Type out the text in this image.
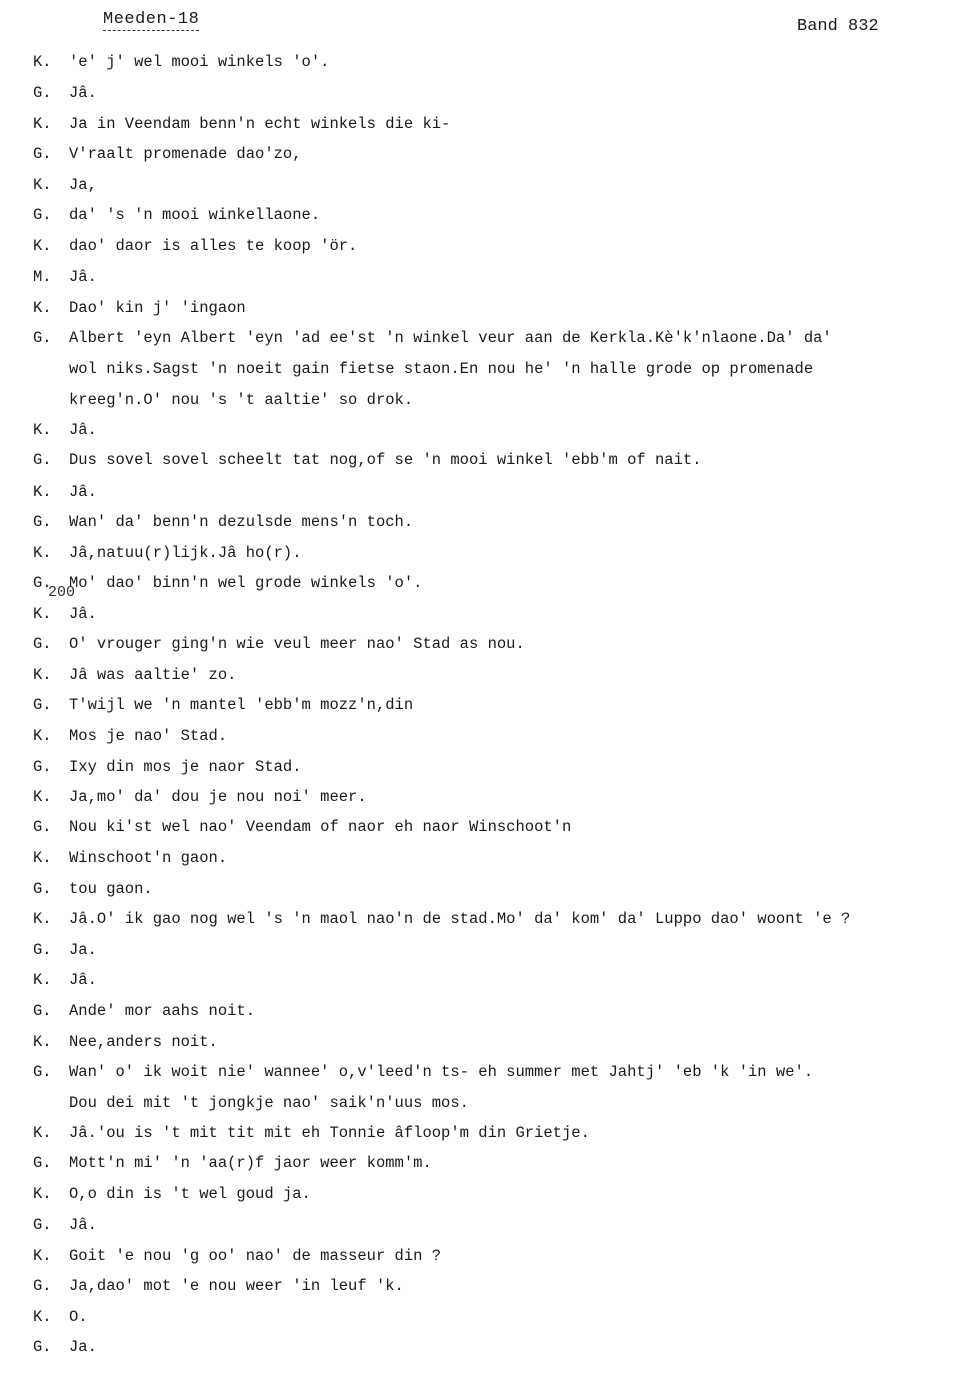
Meeden-18	Band 832
200
K.	'e' j' wel mooi winkels 'o'.
G.	Jâ.
K.	Ja in Veendam benn'n echt winkels die ki-
G.	V'raalt promenade dao'zo,
K.	Ja,
G.	da' 's 'n mooi winkellaone.
K.	dao' daor is alles te koop 'ör.
M.	Jâ.
K.	Dao' kin j' 'ingaon
G.	Albert 'eyn Albert 'eyn 'ad ee'st 'n winkel veur aan de Kerkla.Kè'k'nlaone.Da' da'
wol niks.Sagst 'n noeit gain fietse staon.En nou he' 'n halle grode op promenade
kreeg'n.O' nou 's 't aaltie' so drok.
K.	Jâ.
G.	Dus sovel sovel scheelt tat nog,of se 'n mooi winkel 'ebb'm of nait.
K.	Jâ.
G.	Wan' da' benn'n dezulsde mens'n toch.
K.	Jâ,natuu(r)lijk.Jâ ho(r).
G.	Mo' dao' binn'n wel grode winkels 'o'.
K.	Jâ.
G.	O' vrouger ging'n wie veul meer nao' Stad as nou.
K.	Jâ was aaltie' zo.
G.	T'wijl we 'n mantel 'ebb'm mozz'n,din
K.	Mos je nao' Stad.
G.	Ixy din mos je naor Stad.
K.	Ja,mo' da' dou je nou noi' meer.
G.	Nou ki'st wel nao' Veendam of naor eh naor Winschoot'n
K.	Winschoot'n gaon.
G.	tou gaon.
K.	Jâ.O' ik gao nog wel 's 'n maol nao'n de stad.Mo' da' kom' da' Luppo dao' woont 'e ?
G.	Ja.
K.	Jâ.
G.	Ande' mor aahs noit.
K.	Nee,anders noit.
G.	Wan' o' ik woit nie' wannee' o,v'leed'n ts- eh summer met Jahtj' 'eb 'k 'in we'.
Dou dei mit 't jongkje nao' saik'n'uus mos.
K.	Jâ.'ou is 't mit tit mit eh Tonnie âfloop'm din Grietje.
G.	Mott'n mi' 'n 'aa(r)f jaor weer komm'm.
K.	O,o din is 't wel goud ja.
G.	Jâ.
K.	Goit 'e nou 'g oo' nao' de masseur din ?
G.	Ja,dao' mot 'e nou weer 'in leuf 'k.
K.	O.
G.	Ja.
